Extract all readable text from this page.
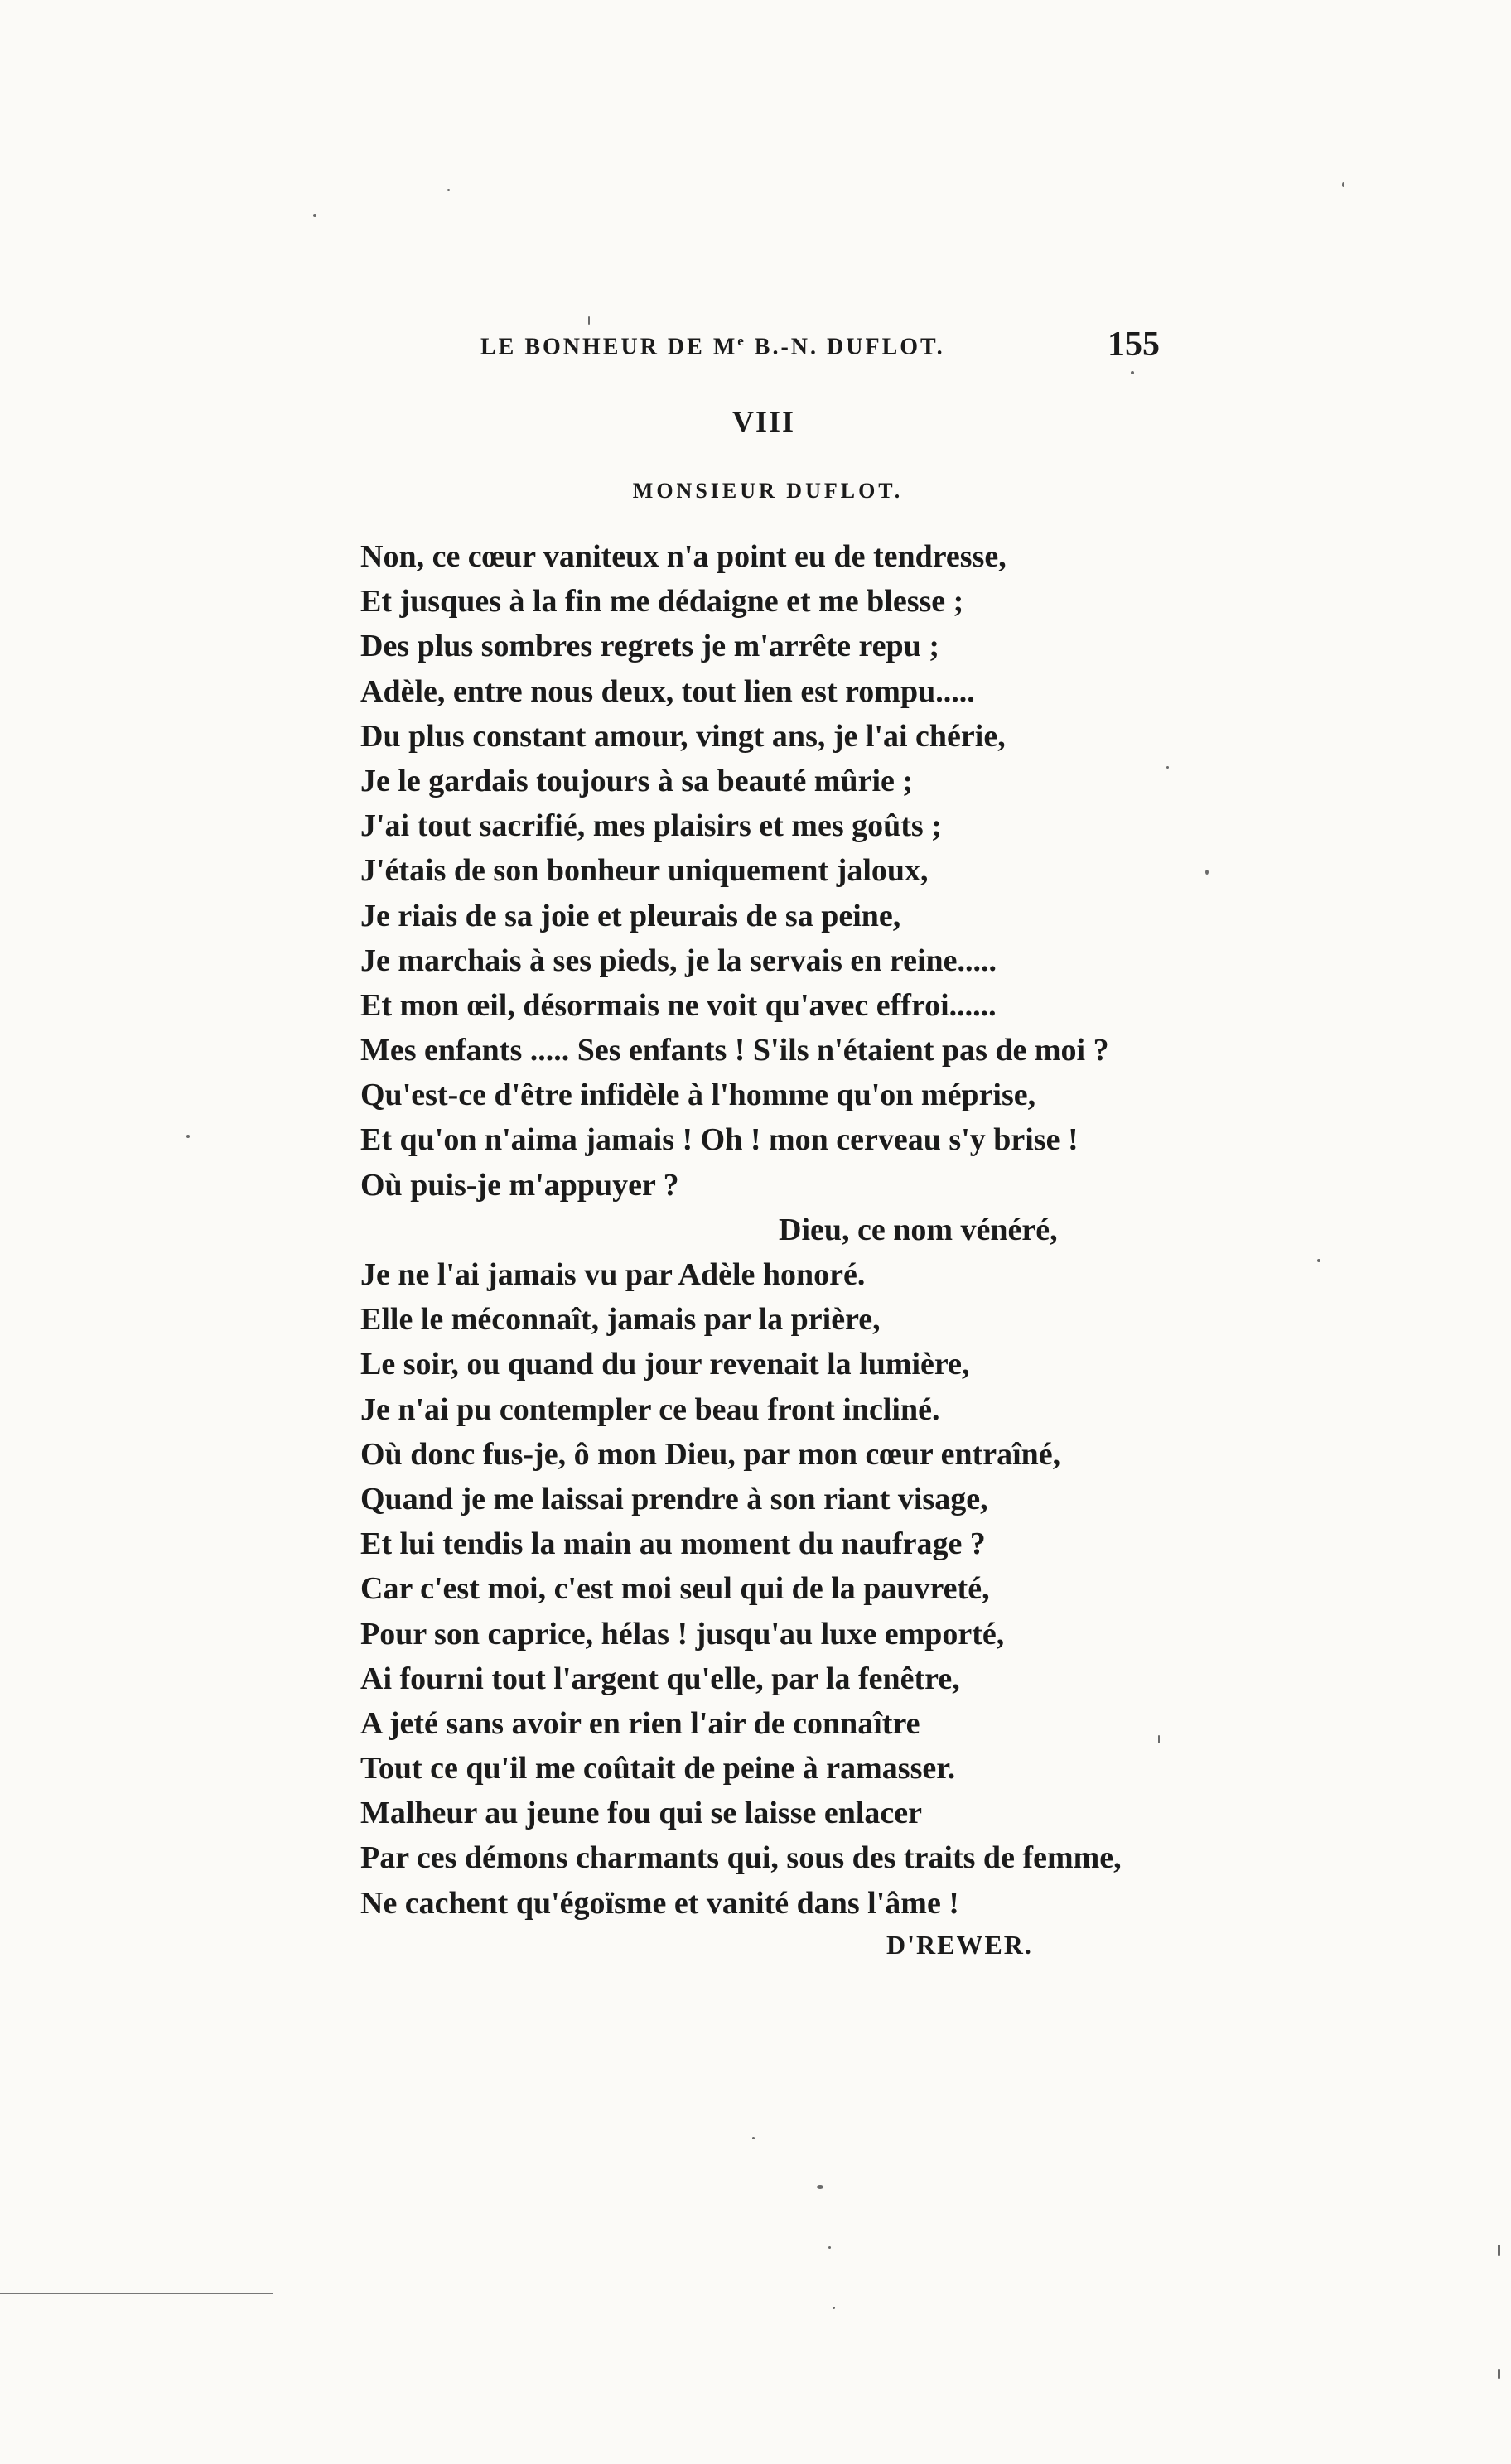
LE BONHEUR DE Me B.-N. DUFLOT.	155
VIII
MONSIEUR DUFLOT.
Non, ce cœur vaniteux n'a point eu de tendresse,
Et jusques à la fin me dédaigne et me blesse ;
Des plus sombres regrets je m'arrête repu ;
Adèle, entre nous deux, tout lien est rompu.....
Du plus constant amour, vingt ans, je l'ai chérie,
Je le gardais toujours à sa beauté mûrie ;
J'ai tout sacrifié, mes plaisirs et mes goûts ;
J'étais de son bonheur uniquement jaloux,
Je riais de sa joie et pleurais de sa peine,
Je marchais à ses pieds, je la servais en reine.....
Et mon œil, désormais ne voit qu'avec effroi......
Mes enfants ..... Ses enfants ! S'ils n'étaient pas de moi ?
Qu'est-ce d'être infidèle à l'homme qu'on méprise,
Et qu'on n'aima jamais ! Oh ! mon cerveau s'y brise !
Où puis-je m'appuyer ?
Dieu, ce nom vénéré,
Je ne l'ai jamais vu par Adèle honoré.
Elle le méconnaît, jamais par la prière,
Le soir, ou quand du jour revenait la lumière,
Je n'ai pu contempler ce beau front incliné.
Où donc fus-je, ô mon Dieu, par mon cœur entraîné,
Quand je me laissai prendre à son riant visage,
Et lui tendis la main au moment du naufrage ?
Car c'est moi, c'est moi seul qui de la pauvreté,
Pour son caprice, hélas ! jusqu'au luxe emporté,
Ai fourni tout l'argent qu'elle, par la fenêtre,
A jeté sans avoir en rien l'air de connaître
Tout ce qu'il me coûtait de peine à ramasser.
Malheur au jeune fou qui se laisse enlacer
Par ces démons charmants qui, sous des traits de femme,
Ne cachent qu'égoïsme et vanité dans l'âme !
D'REWER.
